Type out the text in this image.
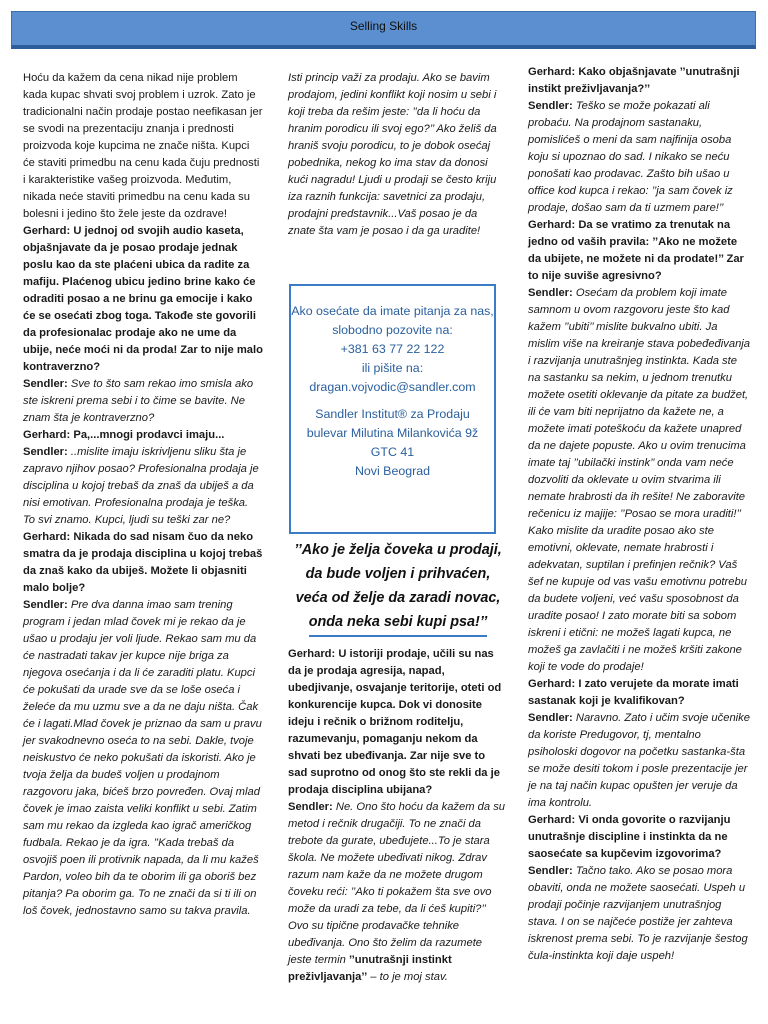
Selling Skills

Hoću da kažem da cena nikad nije problem kada kupac shvati svoj problem i uzrok. Zato je tradicionalni način prodaje postao neefikasan jer se svodi na prezentaciju znanja i prednosti proizvoda koje kupcima ne znače ništa. Kupci će staviti primedbu na cenu kada čuju prednosti i karakteristike vašeg proizvoda. Međutim, nikada neće staviti primedbu na cenu kada su bolesni i jedino što žele jeste da ozdrave!

Gerhard: U jednoj od svojih audio kaseta, objašnjavate da je posao prodaje jednak poslu kao da ste plaćeni ubica da radite za mafiju. Plaćenog ubicu jedino brine kako će odraditi posao a ne brinu ga emocije i kako će se osećati zbog toga. Takođe ste govorili da profesionalac prodaje ako ne ume da ubije, neće moći ni da proda! Zar to nije malo kontraverzno?

Sendler: Sve to što sam rekao imo smisla ako ste iskreni prema sebi i to čime se bavite. Ne znam šta je kontraverzno?

Gerhard: Pa,...mnogi prodavci imaju...

Sendler: ..mislite imaju iskrivljenu sliku šta je zapravo njihov posao? Profesionalna prodaja je disciplina u kojoj trebaš da znaš da ubiješ a da nisi emotivan. Profesionalna prodaja je teška. To svi znamo. Kupci, ljudi su teški zar ne?

Gerhard: Nikada do sad nisam čuo da neko smatra da je prodaja disciplina u kojoj trebaš da znaš kako da ubiješ. Možete li objasniti malo bolje?

Sendler: Pre dva danna imao sam trening program i jedan mlad čovek mi je rekao da je ušao u prodaju jer voli ljude. Rekao sam mu da će nastradati takav jer kupce nije briga za njegova osećanja i da li će zaraditi platu. Kupci će pokušati da urade sve da se loše oseća i želeće da mu uzmu sve a da ne daju ništa. Čak će i lagati.Mlad čovek je priznao da sam u pravu jer svakodnevno oseća to na sebi. Dakle, tvoje neiskustvo će neko pokušati da iskoristi. Ako je tvoja želja da budeš voljen u prodajnom razgovoru jaka, bićeš brzo povređen. Ovaj mlad čovek je imao zaista veliki konflikt u sebi. Zatim sam mu rekao da izgleda kao igrač američkog fudbala. Rekao je da igra. ’’Kada trebaš da osvojiš poen ili protivnik napada, da li mu kažeš Pardon, voleo bih da te oborim ili ga oboriš bez pitanja? Pa oborim ga. To ne znači da si ti ili on loš čovek, jednostavno samo su takva pravila.

Isti princip važi za prodaju. Ako se bavim prodajom, jedini konflikt koji nosim u sebi i koji treba da rešim jeste: ’’da li hoću da hranim porodicu ili svoj ego?’’ Ako želiš da hraniš svoju porodicu, to je dobok osećaj pobednika, nekog ko ima stav da donosi kući nagradu! Ljudi u prodaji se često kriju iza raznih funkcija: savetnici za prodaju, prodajni predstavnik...Vaš posao je da znate šta vam je posao i da ga uradite!

Ako osećate da imate pitanja za nas,
slobodno pozovite na:
+381 63 77 22 122
ili pišite na:
dragan.vojvodic@sandler.com
Sandler Institut® za Prodaju
bulevar Milutina Milankovića 9ž
GTC 41
Novi Beograd
’’Ako je želja čoveka u prodaji,
da bude voljen i prihvaćen,
veća od želje da zaradi novac,
onda neka sebi kupi psa!’’

Gerhard: U istoriji prodaje, učili su nas da je prodaja agresija, napad, ubedjivanje, osvajanje teritorije, oteti od konkurencije kupca. Dok vi donosite ideju i rečnik o brižnom roditelju, razumevanju, pomaganju nekom da shvati bez ubeđivanja. Zar nije sve to sad suprotno od onog što ste rekli da je prodaja disciplina ubijana?

Sendler: Ne. Ono što hoću da kažem da su metod i rečnik drugačiji. To ne znači da trebote da gurate, ubeđujete...To je stara škola. Ne možete ubeđivati nikog. Zdrav razum nam kaže da ne možete drugom čoveku reći: ’’Ako ti pokažem šta sve ovo može da uradi za tebe, da li ćeš kupiti?’’ Ovo su tipične prodavačke tehnike ubeđivanja. Ono što želim da razumete jeste termin ’’unutrašnji instinkt preživljavanja’’ – to je moj stav.

Gerhard: Kako objašnjavate ’’unutrašnji instikt preživljavanja?’’

Sendler: Teško se može pokazati ali probaću. Na prodajnom sastanaku, pomislićeš o meni da sam najfinija osoba koju si upoznao do sad. I nikako se neću ponošati kao prodavac. Zašto bih ušao u office kod kupca i rekao: ’’ja sam čovek iz prodaje, došao sam da ti uzmem pare!’’

Gerhard: Da se vratimo za trenutak na jedno od vaših pravila: ’’Ako ne možete da ubijete, ne možete ni da prodate!’’ Zar to nije suviše agresivno?

Sendler: Osećam da problem koji imate samnom u ovom razgovoru jeste što kad kažem ’’ubiti’’ mislite bukvalno ubiti. Ja mislim više na kreiranje stava pobeđeđivanja i razvijanja unutrašnjeg instinkta. Kada ste na sastanku sa nekim, u jednom trenutku možete osetiti oklevanje da pitate za budžet, ili će vam biti neprijatno da kažete ne, a možete imati poteškoću da kažete unapred da ne dajete popuste. Ako u ovim trenucima imate taj ’’ubilački instink’’ onda vam neće dozvoliti da oklevate u ovim stvarima ili nemate hrabrosti da ih rešite! Ne zaboravite rečenicu iz majije: ’’Posao se mora uraditi!’’ Kako mislite da uradite posao ako ste emotivni, oklevate, nemate hrabrosti i adekvatan, suptilan i prefinjen rečnik? Vaš šef ne kupuje od vas vašu emotivnu potrebu da budete voljeni, već vašu sposobnost da uradite posao! I zato morate biti sa sobom iskreni i etični: ne možeš lagati kupca, ne možeš ga zavlačiti i ne možeš kršiti zakone koji te vode do prodaje!

Gerhard: I zato verujete da morate imati sastanak koji je kvalifikovan?

Sendler: Naravno. Zato i učim svoje učenike da koriste Predugovor, tj, mentalno psiholoski dogovor na početku sastanka-šta se može desiti tokom i posle prezentacije jer je na taj način kupac opušten jer veruje da ima kontrolu.

Gerhard: Vi onda govorite o razvijanju unutrašnje discipline i instinkta da ne saosećate sa kupčevim izgovorima?

Sendler: Tačno tako. Ako se posao mora obaviti, onda ne možete saosećati. Uspeh u prodaji počinje razvijanjem unutrašnjog stava. I on se najčeće postiže jer zahteva iskrenost prema sebi. To je razvijanje šestog čula-instinkta koji daje uspeh!
